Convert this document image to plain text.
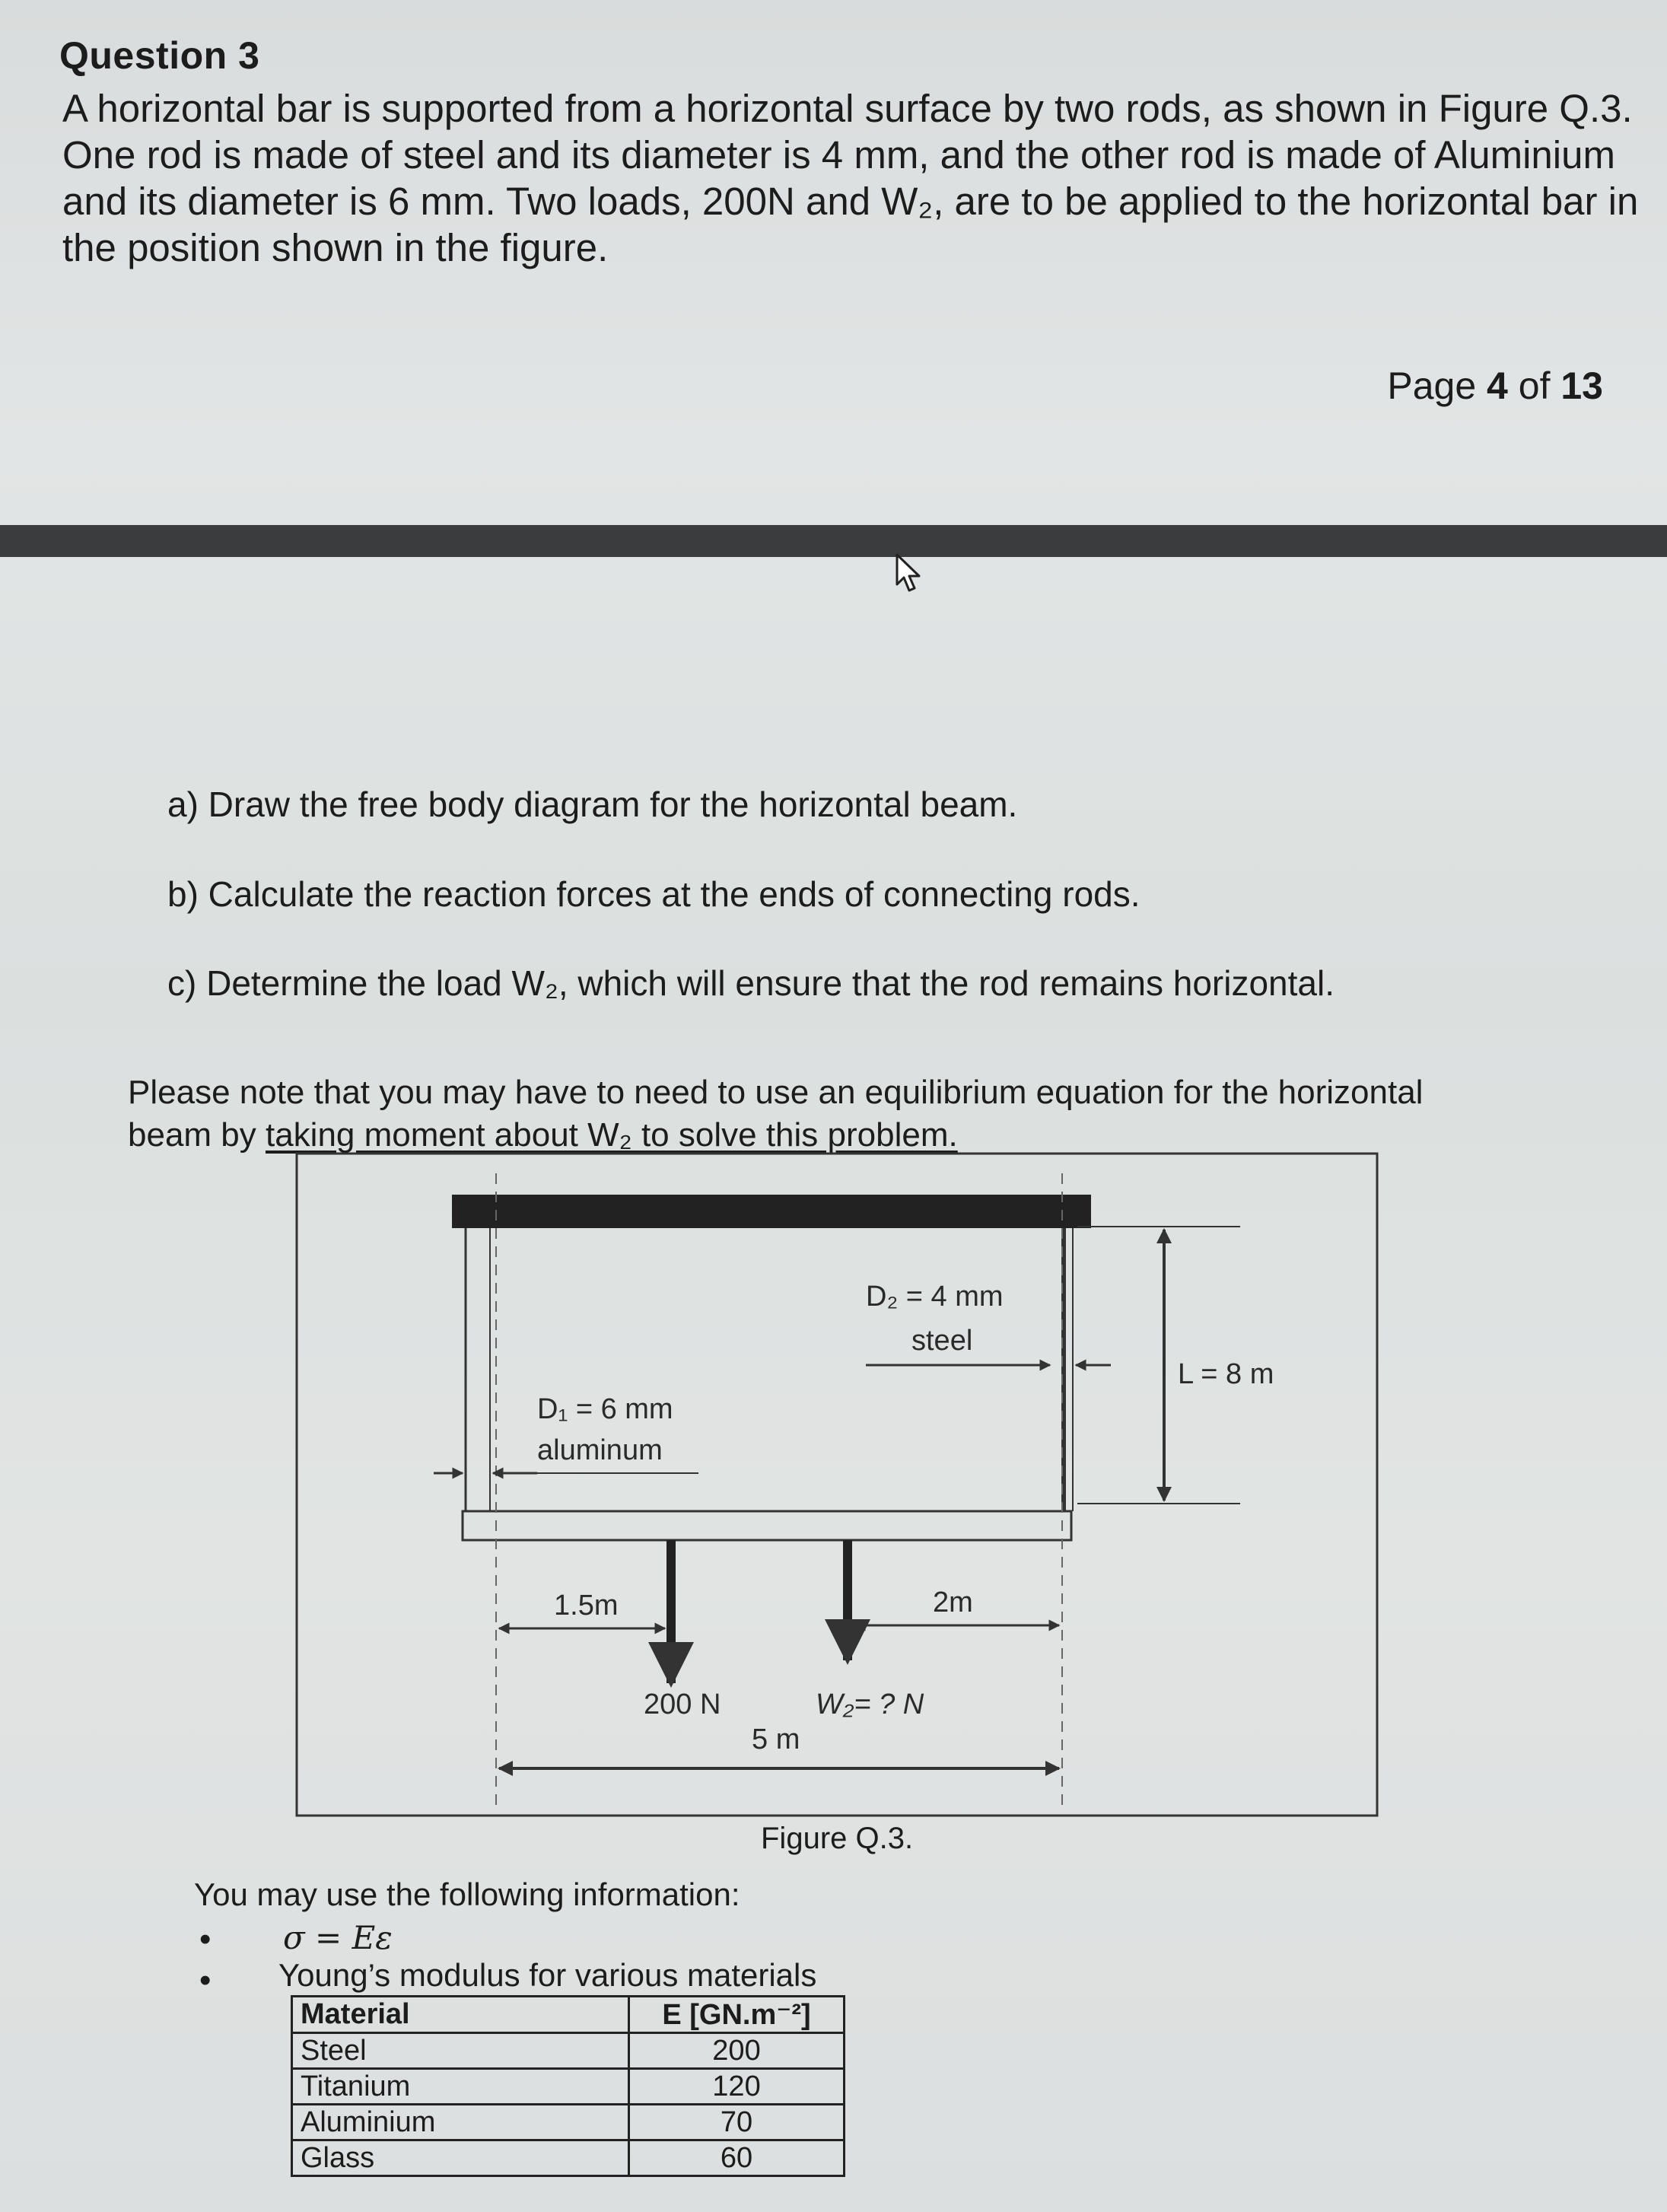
Question 3
A horizontal bar is supported from a horizontal surface by two rods, as shown in Figure Q.3. One rod is made of steel and its diameter is 4 mm, and the other rod is made of Aluminium and its diameter is 6 mm. Two loads, 200N and W₂, are to be applied to the horizontal bar in the position shown in the figure.
Page 4 of 13
a) Draw the free body diagram for the horizontal beam.
b) Calculate the reaction forces at the ends of connecting rods.
c) Determine the load W₂, which will ensure that the rod remains horizontal.
Please note that you may have to need to use an equilibrium equation for the horizontal
beam by taking moment about W₂ to solve this problem.
L = 8 m
D₂ = 4 mm
steel
D₁ = 6 mm
aluminum
1.5m	2m
200 N	W₂= ? N
5 m
Figure Q.3.
You may use the following information:
• σ = Eε
• Young’s modulus for various materials
Material	E [GN.m⁻²]
Steel	200
Titanium	120
Aluminium	70
Glass	60
